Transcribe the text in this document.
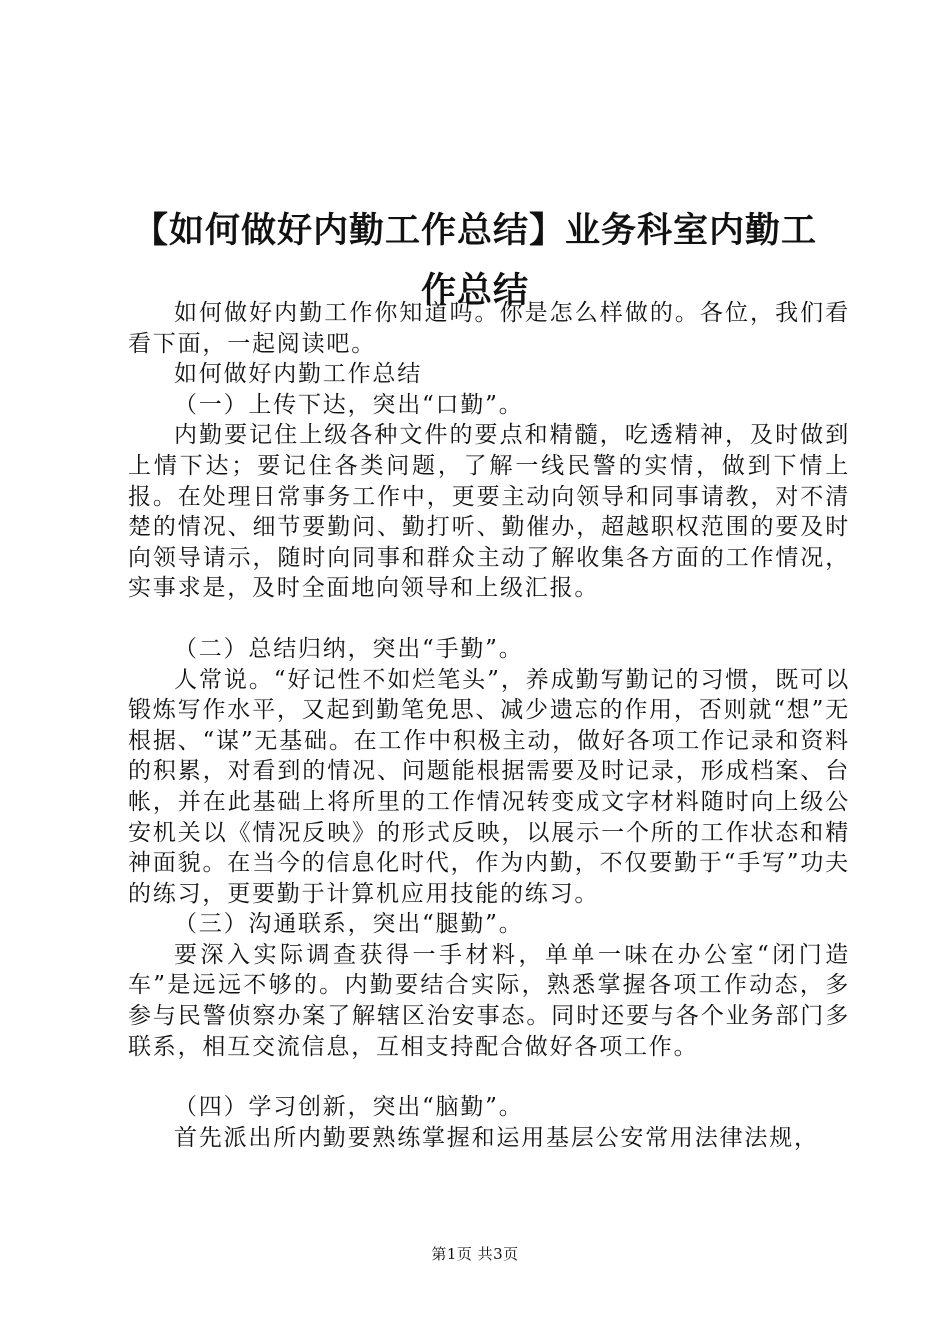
【如何做好内勤工作总结】业务科室内勤工作总结

如何做好内勤工作你知道吗。你是怎么样做的。各位，我们看看下面，一起阅读吧。

如何做好内勤工作总结

（一）上传下达，突出“口勤”。

内勤要记住上级各种文件的要点和精髓，吃透精神，及时做到上情下达；要记住各类问题，了解一线民警的实情，做到下情上报。在处理日常事务工作中，更要主动向领导和同事请教，对不清楚的情况、细节要勤问、勤打听、勤催办，超越职权范围的要及时向领导请示，随时向同事和群众主动了解收集各方面的工作情况，实事求是，及时全面地向领导和上级汇报。

（二）总结归纳，突出“手勤”。

人常说。“好记性不如烂笔头”，养成勤写勤记的习惯，既可以锻炼写作水平，又起到勤笔免思、减少遗忘的作用，否则就“想”无根据、“谋”无基础。在工作中积极主动，做好各项工作记录和资料的积累，对看到的情况、问题能根据需要及时记录，形成档案、台帐，并在此基础上将所里的工作情况转变成文字材料随时向上级公安机关以《情况反映》的形式反映，以展示一个所的工作状态和精神面貌。在当今的信息化时代，作为内勤，不仅要勤于“手写”功夫的练习，更要勤于计算机应用技能的练习。

（三）沟通联系，突出“腿勤”。

要深入实际调查获得一手材料，单单一味在办公室“闭门造车”是远远不够的。内勤要结合实际，熟悉掌握各项工作动态，多参与民警侦察办案了解辖区治安事态。同时还要与各个业务部门多联系，相互交流信息，互相支持配合做好各项工作。

（四）学习创新，突出“脑勤”。

首先派出所内勤要熟练掌握和运用基层公安常用法律法规，

第1页 共3页
